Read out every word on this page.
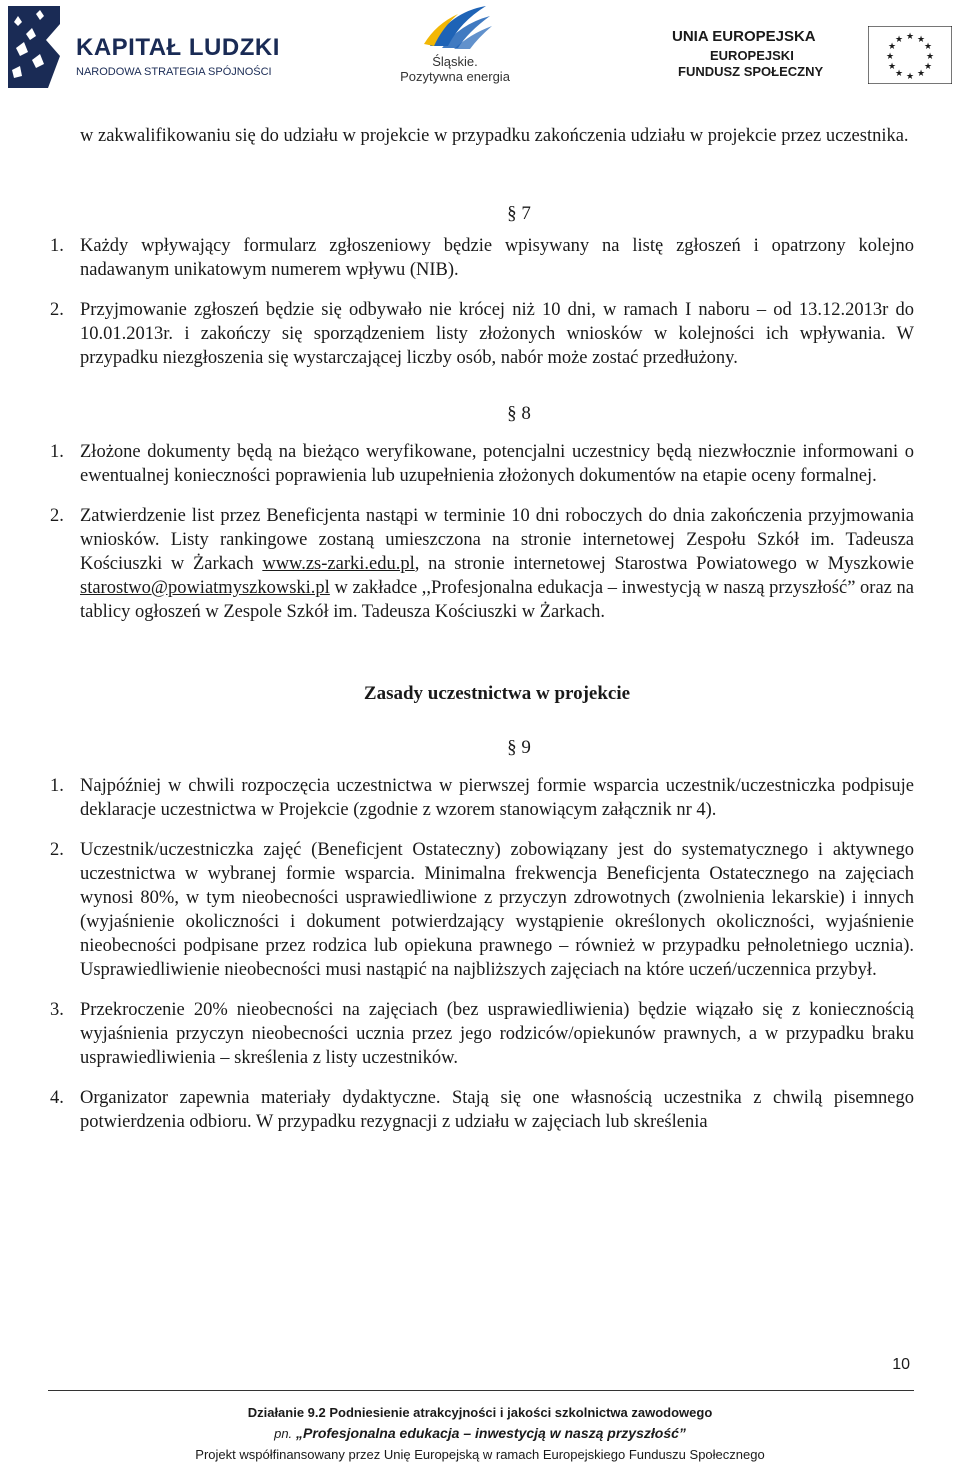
KAPITAŁ LUDZKI
NARODOWA STRATEGIA SPÓJNOŚCI
Śląskie.
Pozytywna energia
UNIA EUROPEJSKA
EUROPEJSKI
FUNDUSZ SPOŁECZNY
★ ★
★
★
★
★
★
★
★
★
★
★

w zakwalifikowaniu się do udziału w projekcie w przypadku zakończenia udziału w projekcie przez uczestnika.

§ 7
1. Każdy wpływający formularz zgłoszeniowy będzie wpisywany na listę zgłoszeń i opatrzony kolejno nadawanym unikatowym numerem wpływu (NIB).
2. Przyjmowanie zgłoszeń będzie się odbywało nie krócej niż 10 dni, w ramach I naboru – od 13.12.2013r do 10.01.2013r. i zakończy się sporządzeniem listy złożonych wniosków w kolejności ich wpływania. W przypadku niezgłoszenia się wystarczającej liczby osób, nabór może zostać przedłużony.
§ 8
1. Złożone dokumenty będą na bieżąco weryfikowane, potencjalni uczestnicy będą niezwłocznie informowani o ewentualnej konieczności poprawienia lub uzupełnienia złożonych dokumentów na etapie oceny formalnej.
2. Zatwierdzenie list przez Beneficjenta nastąpi w terminie 10 dni roboczych do dnia zakończenia przyjmowania wniosków. Listy rankingowe zostaną umieszczona na stronie internetowej Zespołu Szkół im. Tadeusza Kościuszki w Żarkach www.zs-zarki.edu.pl, na stronie internetowej Starostwa Powiatowego w Myszkowie starostwo@powiatmyszkowski.pl w zakładce ,,Profesjonalna edukacja – inwestycją w naszą przyszłość” oraz na tablicy ogłoszeń w Zespole Szkół im. Tadeusza Kościuszki w Żarkach.
Zasady uczestnictwa w projekcie
§ 9
1. Najpóźniej w chwili rozpoczęcia uczestnictwa w pierwszej formie wsparcia uczestnik/uczestniczka podpisuje deklaracje uczestnictwa w Projekcie (zgodnie z wzorem stanowiącym załącznik nr 4).
2. Uczestnik/uczestniczka zajęć (Beneficjent Ostateczny) zobowiązany jest do systematycznego i aktywnego uczestnictwa w wybranej formie wsparcia. Minimalna frekwencja Beneficjenta Ostatecznego na zajęciach wynosi 80%, w tym nieobecności usprawiedliwione z przyczyn zdrowotnych (zwolnienia lekarskie) i innych (wyjaśnienie okoliczności i dokument potwierdzający wystąpienie określonych okoliczności, wyjaśnienie nieobecności podpisane przez rodzica lub opiekuna prawnego – również w przypadku pełnoletniego ucznia). Usprawiedliwienie nieobecności musi nastąpić na najbliższych zajęciach na które uczeń/uczennica przybył.
3. Przekroczenie 20% nieobecności na zajęciach (bez usprawiedliwienia) będzie wiązało się z koniecznością wyjaśnienia przyczyn nieobecności ucznia przez jego rodziców/opiekunów prawnych, a w przypadku braku usprawiedliwienia – skreślenia z listy uczestników.
4. Organizator zapewnia materiały dydaktyczne. Stają się one własnością uczestnika z chwilą pisemnego potwierdzenia odbioru. W przypadku rezygnacji z udziału w zajęciach lub skreślenia
10
Działanie 9.2 Podniesienie atrakcyjności i jakości szkolnictwa zawodowego
pn. „Profesjonalna edukacja – inwestycją w naszą przyszłość”
Projekt współfinansowany przez Unię Europejską w ramach Europejskiego Funduszu Społecznego
